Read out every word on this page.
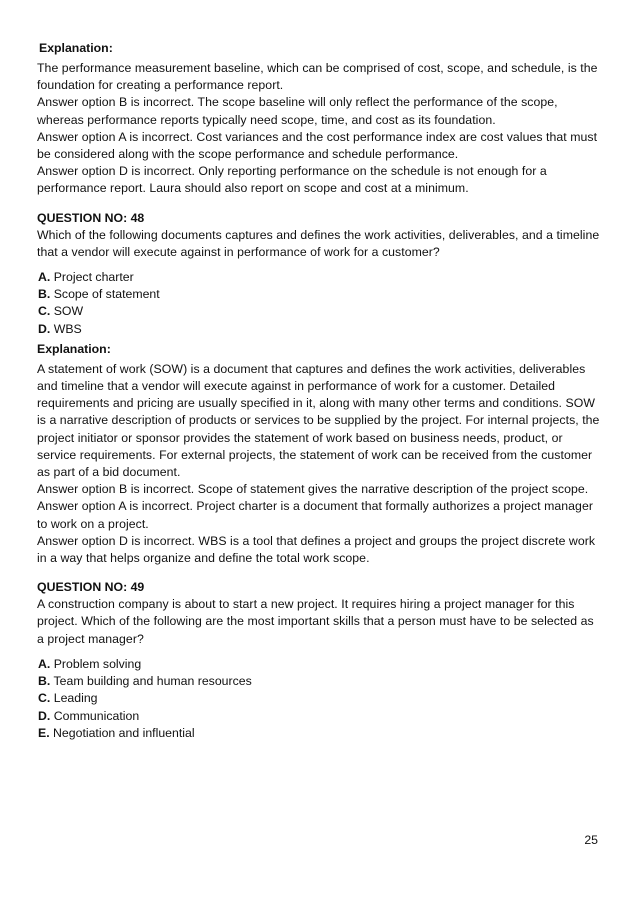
Explanation:

The performance measurement baseline, which can be comprised of cost, scope, and schedule, is the foundation for creating a performance report.

Answer option B is incorrect. The scope baseline will only reflect the performance of the scope, whereas performance reports typically need scope, time, and cost as its foundation.

Answer option A is incorrect. Cost variances and the cost performance index are cost values that must be considered along with the scope performance and schedule performance.

Answer option D is incorrect. Only reporting performance on the schedule is not enough for a performance report. Laura should also report on scope and cost at a minimum.

QUESTION NO: 48

Which of the following documents captures and defines the work activities, deliverables, and a timeline that a vendor will execute against in performance of work for a customer?

A. Project charter

B. Scope of statement

C. SOW

D. WBS

Explanation:

A statement of work (SOW) is a document that captures and defines the work activities, deliverables and timeline that a vendor will execute against in performance of work for a customer. Detailed requirements and pricing are usually specified in it, along with many other terms and conditions. SOW is a narrative description of products or services to be supplied by the project. For internal projects, the project initiator or sponsor provides the statement of work based on business needs, product, or service requirements. For external projects, the statement of work can be received from the customer as part of a bid document.

Answer option B is incorrect. Scope of statement gives the narrative description of the project scope.

Answer option A is incorrect. Project charter is a document that formally authorizes a project manager to work on a project.

Answer option D is incorrect. WBS is a tool that defines a project and groups the project discrete work in a way that helps organize and define the total work scope.

QUESTION NO: 49

A construction company is about to start a new project. It requires hiring a project manager for this project. Which of the following are the most important skills that a person must have to be selected as a project manager?

A. Problem solving

B. Team building and human resources

C. Leading

D. Communication

E. Negotiation and influential

25
